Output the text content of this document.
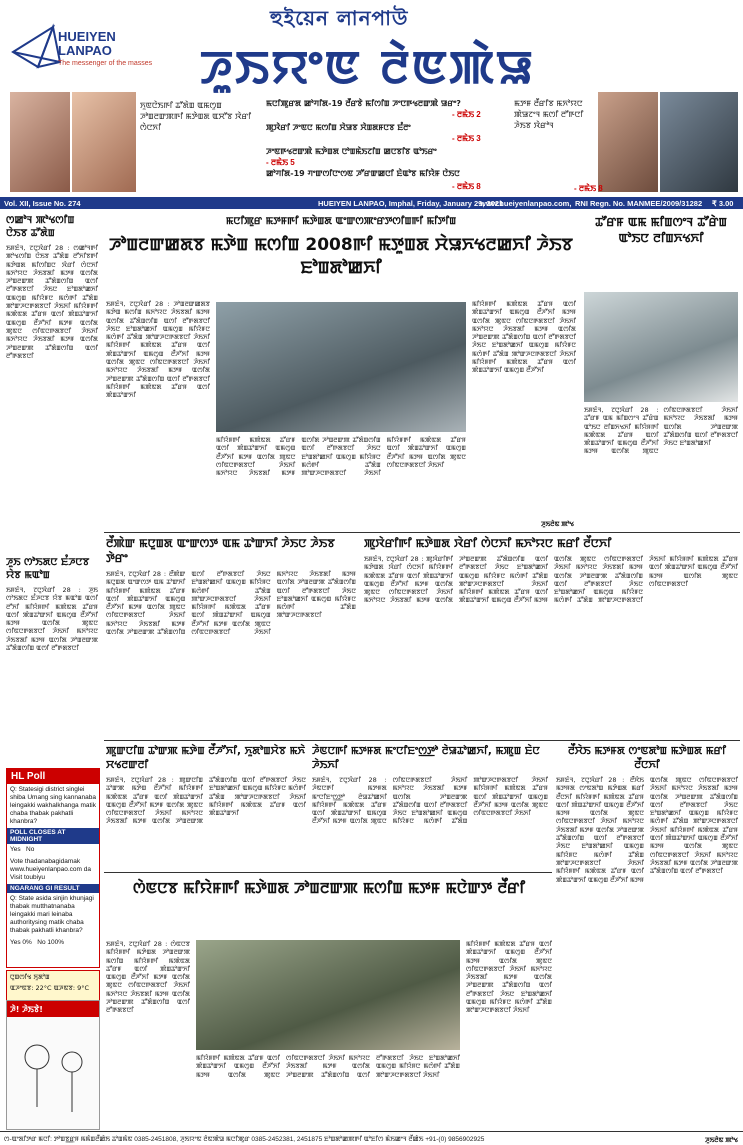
HUEIYEN
LANPAO
The messenger of the masses
হুইয়েন লানপাউ
ꯍꯨꯏꯌꯦꯟ ꯂꯥꯟꯄꯥꯎ
ꯈꯨꯟꯅꯥꯏꯒꯤ ꯊꯧꯗꯥꯡ ꯑꯃꯁꯨꯡ ꯍꯣꯡꯂꯛꯄꯒꯤ ꯃꯇꯥꯡꯗ ꯑꯆꯧꯕ ꯋꯥꯔꯤ ꯁꯥꯅꯈꯤ
ꯃꯅꯤꯄꯨꯔꯗ ꯀꯣꯚꯤꯗ-19 ꯂꯩꯔꯕꯥ ꯃꯤꯁꯤꯡ ꯍꯦꯅꯒꯠꯂꯛꯄꯥ ꯎꯔꯦ?
- ꯂꯃꯥꯏ 2
ꯄꯨꯋꯥꯔꯤ ꯍꯦꯟꯅ ꯃꯁꯤꯡ ꯆꯥꯎꯕ ꯆꯥꯡꯗꯝꯅꯕ ꯐꯪꯂꯦ
- ꯂꯃꯥꯏ 3
ꯍꯦꯟꯒꯠꯂꯛꯄꯥ ꯃꯇꯥꯡꯗ ꯅꯣꯡꯃꯥꯏꯖꯤꯡ ꯀꯅꯕꯤꯕ ꯑꯣꯏꯔꯦ
- ꯂꯃꯥꯏ 5
ꯀꯣꯚꯤꯗ-19 ꯚꯦꯛꯁꯤꯅꯦꯁꯟ ꯍꯧꯔꯛꯀꯅꯤ ꯐꯥꯑꯣꯕ ꯃꯤꯌꯥꯝ ꯅꯥꯏꯅ
- ꯂꯃꯥꯏ 8
ꯃꯇꯝ ꯂꯩꯔꯤꯕ ꯃꯈꯣꯌꯅ ꯄꯥꯎꯖꯦꯜ ꯃꯁꯤ ꯂꯧꯒꯅꯤ ꯍꯥꯏꯕ ꯋꯥꯔꯣꯜ
- ꯂꯃꯥꯏ 8
Vol. XII, Issue No. 274	HUEIYEN LANPAO, Imphal, Friday, January 29, 2021
www.hueiyenlanpao.com, RNI Regn. No. MANMEE/2009/31282 ₹ 3.00
ꯁꯀꯣꯜ ꯄꯣꯠꯁꯤꯡ ꯅꯥꯏꯕ ꯊꯧꯗꯥꯡ
ꯏꯝꯐꯥꯜ, ꯖꯅꯨꯋꯥꯔꯤ 28 : ꯁꯀꯣꯜꯒꯤ ꯄꯣꯠꯁꯤꯡ ꯅꯥꯏꯕ ꯊꯧꯗꯥꯡ ꯂꯧꯈꯤꯕꯒꯤ ꯃꯇꯥꯡꯗ ꯃꯤꯁꯤꯡꯅ ꯋꯥꯔꯤ ꯁꯥꯅꯈꯤ ꯃꯈꯣꯌꯅ ꯍꯥꯏꯕꯗꯤ ꯃꯇꯝ ꯑꯁꯤꯗ ꯍꯣꯡꯂꯛꯄ ꯊꯧꯗꯥꯡꯁꯤꯡ ꯑꯁꯤ ꯂꯧꯒꯗꯕꯅꯤ ꯍꯥꯏꯅ ꯐꯣꯡꯗꯣꯀꯈꯤ ꯑꯃꯁꯨꯡ ꯃꯤꯌꯥꯝꯅ ꯃꯁꯥꯒꯤ ꯊꯧꯗꯥꯡ ꯄꯣꯛꯍꯅꯒꯗꯕꯅꯤ ꯍꯥꯏꯈꯤ ꯃꯤꯌꯥꯝꯒꯤ ꯃꯄꯥꯟꯗ ꯊꯧꯔꯝ ꯑꯁꯤ ꯄꯥꯡꯊꯣꯛꯈꯤ ꯑꯃꯁꯨꯡ ꯂꯩꯍꯧꯈꯤ ꯃꯇꯝ ꯑꯁꯤꯗ ꯄꯨꯟꯅ ꯁꯤꯟꯅꯒꯗꯕꯅꯤ ꯍꯥꯏꯈꯤ ꯃꯈꯣꯌꯅ ꯍꯥꯏꯕꯗꯤ ꯃꯇꯝ ꯑꯁꯤꯗ ꯍꯣꯡꯂꯛꯄ ꯊꯧꯗꯥꯡꯁꯤꯡ ꯑꯁꯤ ꯂꯧꯒꯗꯕꯅꯤ
ꯍꯨꯏ ꯁꯣꯏꯗꯅ ꯐꯪꯍꯅꯕ ꯌꯥꯕ ꯃꯑꯣꯡ
ꯏꯝꯐꯥꯜ, ꯖꯅꯨꯋꯥꯔꯤ 28 : ꯍꯨꯏ ꯁꯣꯏꯗꯅ ꯐꯪꯍꯅꯕ ꯌꯥꯕ ꯃꯑꯣꯡ ꯑꯁꯤ ꯂꯧꯈꯤ ꯃꯤꯌꯥꯝꯒꯤ ꯃꯄꯥꯟꯗ ꯊꯧꯔꯝ ꯑꯁꯤ ꯄꯥꯡꯊꯣꯛꯈꯤ ꯑꯃꯁꯨꯡ ꯂꯩꯍꯧꯈꯤ ꯃꯇꯝ ꯑꯁꯤꯗ ꯄꯨꯟꯅ ꯁꯤꯟꯅꯒꯗꯕꯅꯤ ꯍꯥꯏꯈꯤ ꯃꯈꯣꯌꯅ ꯍꯥꯏꯕꯗꯤ ꯃꯇꯝ ꯑꯁꯤꯗ ꯍꯣꯡꯂꯛꯄ ꯊꯧꯗꯥꯡꯁꯤꯡ ꯑꯁꯤ ꯂꯧꯒꯗꯕꯅꯤ
HL Poll
Q: Statesigi district singlei shiba Umang sing kannanaba leingakki wakhalkhanga matik chaba thabak pakhatli khanbra?
POLL CLOSES AT MIDNIGHT
Yes No
Vote thadanabagidamak www.hueiyenlanpao.com da Visit toubiyu
NGARANG GI RESULT
Q: State asida sinjin khunjagi thabak mutthatnanaba leingakki mari leinaba authoritysing matik chaba thabak pakhatli khanbra?
Yes 0% No 100%
ꯅꯨꯡꯁꯤꯠ ꯈꯨꯗꯣꯡ
ꯑꯍꯦꯟꯕ: 22°C ꯑꯍꯟꯕ: 9°C
ꯍꯥ! ꯍꯥꯏꯕꯥ!
ꯃꯅꯤꯄꯨꯔ ꯃꯇꯝꯒꯤ ꯃꯇꯥꯡꯗ ꯑꯦꯛꯁꯄꯦꯔꯇꯁꯤꯡꯒꯤ ꯃꯤꯇꯤꯡ
ꯍꯣꯡꯂꯛꯀꯗꯕ ꯃꯇꯥꯡ ꯃꯁꯤꯡ 2008ꯒꯤ ꯃꯇꯨꯡꯗ ꯆꯥꯎꯈꯠꯂꯀꯈꯤ ꯍꯥꯏꯕ ꯐꯣꯡꯗꯣꯀꯈꯤ
ꯏꯝꯐꯥꯜ, ꯖꯅꯨꯋꯥꯔꯤ 28 : ꯍꯣꯡꯂꯛꯀꯗꯕ ꯃꯇꯥꯡ ꯃꯁꯤꯡ ꯃꯈꯣꯌꯅ ꯍꯥꯏꯕꯗꯤ ꯃꯇꯝ ꯑꯁꯤꯗ ꯊꯧꯗꯥꯡꯁꯤꯡ ꯑꯁꯤ ꯂꯧꯒꯗꯕꯅꯤ ꯍꯥꯏꯅ ꯐꯣꯡꯗꯣꯀꯈꯤ ꯑꯃꯁꯨꯡ ꯃꯤꯌꯥꯝꯅ ꯃꯁꯥꯒꯤ ꯊꯧꯗꯥꯡ ꯄꯣꯛꯍꯅꯒꯗꯕꯅꯤ ꯍꯥꯏꯈꯤ ꯃꯤꯌꯥꯝꯒꯤ ꯃꯄꯥꯟꯗ ꯊꯧꯔꯝ ꯑꯁꯤ ꯄꯥꯡꯊꯣꯛꯈꯤ ꯑꯃꯁꯨꯡ ꯂꯩꯍꯧꯈꯤ ꯃꯇꯝ ꯑꯁꯤꯗ ꯄꯨꯟꯅ ꯁꯤꯟꯅꯒꯗꯕꯅꯤ ꯍꯥꯏꯈꯤ ꯃꯈꯣꯌꯅ ꯍꯥꯏꯕꯗꯤ ꯃꯇꯝ ꯑꯁꯤꯗ ꯍꯣꯡꯂꯛꯄ ꯊꯧꯗꯥꯡꯁꯤꯡ ꯑꯁꯤ ꯂꯧꯒꯗꯕꯅꯤ ꯃꯤꯌꯥꯝꯒꯤ ꯃꯄꯥꯟꯗ ꯊꯧꯔꯝ ꯑꯁꯤ ꯄꯥꯡꯊꯣꯛꯈꯤ
ꯃꯤꯌꯥꯝꯒꯤ ꯃꯄꯥꯟꯗ ꯊꯧꯔꯝ ꯑꯁꯤ ꯄꯥꯡꯊꯣꯛꯈꯤ ꯑꯃꯁꯨꯡ ꯂꯩꯍꯧꯈꯤ ꯃꯇꯝ ꯑꯁꯤꯗ ꯄꯨꯟꯅ ꯁꯤꯟꯅꯒꯗꯕꯅꯤ ꯍꯥꯏꯈꯤ ꯃꯈꯣꯌꯅ ꯍꯥꯏꯕꯗꯤ ꯃꯇꯝ ꯑꯁꯤꯗ ꯍꯣꯡꯂꯛꯄ ꯊꯧꯗꯥꯡꯁꯤꯡ ꯑꯁꯤ ꯂꯧꯒꯗꯕꯅꯤ ꯍꯥꯏꯅ ꯐꯣꯡꯗꯣꯀꯈꯤ ꯑꯃꯁꯨꯡ ꯃꯤꯌꯥꯝꯅ ꯃꯁꯥꯒꯤ ꯊꯧꯗꯥꯡ ꯄꯣꯛꯍꯅꯒꯗꯕꯅꯤ ꯍꯥꯏꯈꯤ ꯃꯤꯌꯥꯝꯒꯤ ꯃꯄꯥꯟꯗ ꯊꯧꯔꯝ ꯑꯁꯤ ꯄꯥꯡꯊꯣꯛꯈꯤ ꯑꯃꯁꯨꯡ ꯂꯩꯍꯧꯈꯤ
ꯃꯤꯌꯥꯝꯒꯤ ꯃꯄꯥꯟꯗ ꯊꯧꯔꯝ ꯑꯁꯤ ꯄꯥꯡꯊꯣꯛꯈꯤ ꯑꯃꯁꯨꯡ ꯂꯩꯍꯧꯈꯤ ꯃꯇꯝ ꯑꯁꯤꯗ ꯄꯨꯟꯅ ꯁꯤꯟꯅꯒꯗꯕꯅꯤ ꯍꯥꯏꯈꯤ ꯃꯈꯣꯌꯅ ꯍꯥꯏꯕꯗꯤ ꯃꯇꯝ ꯑꯁꯤꯗ ꯍꯣꯡꯂꯛꯄ ꯊꯧꯗꯥꯡꯁꯤꯡ ꯑꯁꯤ ꯂꯧꯒꯗꯕꯅꯤ ꯍꯥꯏꯅ ꯐꯣꯡꯗꯣꯀꯈꯤ ꯑꯃꯁꯨꯡ ꯃꯤꯌꯥꯝꯅ ꯃꯁꯥꯒꯤ ꯊꯧꯗꯥꯡ ꯄꯣꯛꯍꯅꯒꯗꯕꯅꯤ ꯍꯥꯏꯈꯤ ꯃꯤꯌꯥꯝꯒꯤ ꯃꯄꯥꯟꯗ ꯊꯧꯔꯝ ꯑꯁꯤ ꯄꯥꯡꯊꯣꯛꯈꯤ ꯑꯃꯁꯨꯡ ꯂꯩꯍꯧꯈꯤ ꯃꯇꯝ ꯑꯁꯤꯗ ꯄꯨꯟꯅ ꯁꯤꯟꯅꯒꯗꯕꯅꯤ ꯍꯥꯏꯈꯤ
ꯍꯨꯏꯂꯥꯟ ꯄꯣꯠ
ꯊꯧꯔꯝ ꯑꯃ ꯃꯤꯡꯁꯦꯜ ꯊꯧꯔꯥꯡ ꯑꯣꯏꯅ ꯂꯤꯡꯈꯠꯈꯤ
ꯏꯝꯐꯥꯜ, ꯖꯅꯨꯋꯥꯔꯤ 28 : ꯊꯧꯔꯝ ꯑꯃ ꯃꯤꯡꯁꯦꯜ ꯊꯧꯔꯥꯡ ꯑꯣꯏꯅ ꯂꯤꯡꯈꯠꯈꯤ ꯃꯤꯌꯥꯝꯒꯤ ꯃꯄꯥꯟꯗ ꯊꯧꯔꯝ ꯑꯁꯤ ꯄꯥꯡꯊꯣꯛꯈꯤ ꯑꯃꯁꯨꯡ ꯂꯩꯍꯧꯈꯤ ꯃꯇꯝ ꯑꯁꯤꯗ ꯄꯨꯟꯅ ꯁꯤꯟꯅꯒꯗꯕꯅꯤ ꯍꯥꯏꯈꯤ ꯃꯈꯣꯌꯅ ꯍꯥꯏꯕꯗꯤ ꯃꯇꯝ ꯑꯁꯤꯗ ꯍꯣꯡꯂꯛꯄ ꯊꯧꯗꯥꯡꯁꯤꯡ ꯑꯁꯤ ꯂꯧꯒꯗꯕꯅꯤ ꯍꯥꯏꯅ ꯐꯣꯡꯗꯣꯀꯈꯤ
ꯂꯩꯄꯥꯛ ꯃꯅꯨꯡꯗ ꯑꯦꯛꯁꯇ ꯑꯃ ꯊꯣꯛꯈꯤ ꯍꯥꯏꯅ ꯍꯥꯏꯕ ꯇꯥꯔꯦ
ꯏꯝꯐꯥꯜ, ꯖꯅꯨꯋꯥꯔꯤ 28 : ꯂꯩꯄꯥꯛ ꯃꯅꯨꯡꯗ ꯑꯦꯛꯁꯇ ꯑꯃ ꯊꯣꯛꯈꯤ ꯃꯤꯌꯥꯝꯒꯤ ꯃꯄꯥꯟꯗ ꯊꯧꯔꯝ ꯑꯁꯤ ꯄꯥꯡꯊꯣꯛꯈꯤ ꯑꯃꯁꯨꯡ ꯂꯩꯍꯧꯈꯤ ꯃꯇꯝ ꯑꯁꯤꯗ ꯄꯨꯟꯅ ꯁꯤꯟꯅꯒꯗꯕꯅꯤ ꯍꯥꯏꯈꯤ ꯃꯈꯣꯌꯅ ꯍꯥꯏꯕꯗꯤ ꯃꯇꯝ ꯑꯁꯤꯗ ꯍꯣꯡꯂꯛꯄ ꯊꯧꯗꯥꯡꯁꯤꯡ ꯑꯁꯤ ꯂꯧꯒꯗꯕꯅꯤ ꯍꯥꯏꯅ ꯐꯣꯡꯗꯣꯀꯈꯤ ꯑꯃꯁꯨꯡ ꯃꯤꯌꯥꯝꯅ ꯃꯁꯥꯒꯤ ꯊꯧꯗꯥꯡ ꯄꯣꯛꯍꯅꯒꯗꯕꯅꯤ ꯍꯥꯏꯈꯤ ꯃꯤꯌꯥꯝꯒꯤ ꯃꯄꯥꯟꯗ ꯊꯧꯔꯝ ꯑꯁꯤ ꯄꯥꯡꯊꯣꯛꯈꯤ ꯑꯃꯁꯨꯡ ꯂꯩꯍꯧꯈꯤ ꯃꯇꯝ ꯑꯁꯤꯗ ꯄꯨꯟꯅ ꯁꯤꯟꯅꯒꯗꯕꯅꯤ ꯍꯥꯏꯈꯤ ꯃꯈꯣꯌꯅ ꯍꯥꯏꯕꯗꯤ ꯃꯇꯝ ꯑꯁꯤꯗ ꯍꯣꯡꯂꯛꯄ ꯊꯧꯗꯥꯡꯁꯤꯡ ꯑꯁꯤ ꯂꯧꯒꯗꯕꯅꯤ ꯍꯥꯏꯅ ꯐꯣꯡꯗꯣꯀꯈꯤ ꯑꯃꯁꯨꯡ ꯃꯤꯌꯥꯝꯅ ꯃꯁꯥꯒꯤ ꯊꯧꯗꯥꯡ ꯄꯣꯛꯍꯅꯒꯗꯕꯅꯤ
ꯄꯨꯋꯥꯔꯤꯒꯤ ꯃꯇꯥꯡꯗ ꯋꯥꯔꯤ ꯁꯥꯅꯈꯤ ꯃꯈꯣꯌꯅ ꯃꯔꯤ ꯂꯩꯅꯈꯤ
ꯏꯝꯐꯥꯜ, ꯖꯅꯨꯋꯥꯔꯤ 28 : ꯄꯨꯋꯥꯔꯤꯒꯤ ꯃꯇꯥꯡꯗ ꯋꯥꯔꯤ ꯁꯥꯅꯈꯤ ꯃꯤꯌꯥꯝꯒꯤ ꯃꯄꯥꯟꯗ ꯊꯧꯔꯝ ꯑꯁꯤ ꯄꯥꯡꯊꯣꯛꯈꯤ ꯑꯃꯁꯨꯡ ꯂꯩꯍꯧꯈꯤ ꯃꯇꯝ ꯑꯁꯤꯗ ꯄꯨꯟꯅ ꯁꯤꯟꯅꯒꯗꯕꯅꯤ ꯍꯥꯏꯈꯤ ꯃꯈꯣꯌꯅ ꯍꯥꯏꯕꯗꯤ ꯃꯇꯝ ꯑꯁꯤꯗ ꯍꯣꯡꯂꯛꯄ ꯊꯧꯗꯥꯡꯁꯤꯡ ꯑꯁꯤ ꯂꯧꯒꯗꯕꯅꯤ ꯍꯥꯏꯅ ꯐꯣꯡꯗꯣꯀꯈꯤ ꯑꯃꯁꯨꯡ ꯃꯤꯌꯥꯝꯅ ꯃꯁꯥꯒꯤ ꯊꯧꯗꯥꯡ ꯄꯣꯛꯍꯅꯒꯗꯕꯅꯤ ꯍꯥꯏꯈꯤ ꯃꯤꯌꯥꯝꯒꯤ ꯃꯄꯥꯟꯗ ꯊꯧꯔꯝ ꯑꯁꯤ ꯄꯥꯡꯊꯣꯛꯈꯤ ꯑꯃꯁꯨꯡ ꯂꯩꯍꯧꯈꯤ ꯃꯇꯝ ꯑꯁꯤꯗ ꯄꯨꯟꯅ ꯁꯤꯟꯅꯒꯗꯕꯅꯤ ꯍꯥꯏꯈꯤ ꯃꯈꯣꯌꯅ ꯍꯥꯏꯕꯗꯤ ꯃꯇꯝ ꯑꯁꯤꯗ ꯍꯣꯡꯂꯛꯄ ꯊꯧꯗꯥꯡꯁꯤꯡ ꯑꯁꯤ ꯂꯧꯒꯗꯕꯅꯤ ꯍꯥꯏꯅ ꯐꯣꯡꯗꯣꯀꯈꯤ ꯑꯃꯁꯨꯡ ꯃꯤꯌꯥꯝꯅ ꯃꯁꯥꯒꯤ ꯊꯧꯗꯥꯡ ꯄꯣꯛꯍꯅꯒꯗꯕꯅꯤ ꯍꯥꯏꯈꯤ ꯃꯤꯌꯥꯝꯒꯤ ꯃꯄꯥꯟꯗ ꯊꯧꯔꯝ ꯑꯁꯤ ꯄꯥꯡꯊꯣꯛꯈꯤ ꯑꯃꯁꯨꯡ ꯂꯩꯍꯧꯈꯤ ꯃꯇꯝ ꯑꯁꯤꯗ ꯄꯨꯟꯅ ꯁꯤꯟꯅꯒꯗꯕꯅꯤ
ꯄꯨꯛꯅꯤꯡ ꯊꯣꯛꯄ ꯃꯇꯥꯡ ꯂꯩꯍꯧꯈꯤ, ꯈꯨꯗꯣꯡꯆꯥꯕ ꯃꯈꯥ ꯆꯠꯂꯛꯂꯤ
ꯏꯝꯐꯥꯜ, ꯖꯅꯨꯋꯥꯔꯤ 28 : ꯄꯨꯛꯅꯤꯡ ꯊꯣꯛꯄ ꯃꯇꯥꯡ ꯂꯩꯍꯧꯈꯤ ꯃꯤꯌꯥꯝꯒꯤ ꯃꯄꯥꯟꯗ ꯊꯧꯔꯝ ꯑꯁꯤ ꯄꯥꯡꯊꯣꯛꯈꯤ ꯑꯃꯁꯨꯡ ꯂꯩꯍꯧꯈꯤ ꯃꯇꯝ ꯑꯁꯤꯗ ꯄꯨꯟꯅ ꯁꯤꯟꯅꯒꯗꯕꯅꯤ ꯍꯥꯏꯈꯤ ꯃꯈꯣꯌꯅ ꯍꯥꯏꯕꯗꯤ ꯃꯇꯝ ꯑꯁꯤꯗ ꯍꯣꯡꯂꯛꯄ ꯊꯧꯗꯥꯡꯁꯤꯡ ꯑꯁꯤ ꯂꯧꯒꯗꯕꯅꯤ ꯍꯥꯏꯅ ꯐꯣꯡꯗꯣꯀꯈꯤ ꯑꯃꯁꯨꯡ ꯃꯤꯌꯥꯝꯅ ꯃꯁꯥꯒꯤ ꯊꯧꯗꯥꯡ ꯄꯣꯛꯍꯅꯒꯗꯕꯅꯤ ꯍꯥꯏꯈꯤ ꯃꯤꯌꯥꯝꯒꯤ ꯃꯄꯥꯟꯗ ꯊꯧꯔꯝ ꯑꯁꯤ ꯄꯥꯡꯊꯣꯛꯈꯤ
ꯍꯥꯟꯅꯒꯤ ꯃꯇꯝꯗ ꯃꯦꯅꯤꯐꯦꯁ꯭ꯇꯣ ꯂꯥꯎꯊꯣꯀꯈꯤ, ꯃꯄꯨꯡ ꯐꯥꯅ ꯍꯥꯏꯈꯤ
ꯏꯝꯐꯥꯜ, ꯖꯅꯨꯋꯥꯔꯤ 28 : ꯍꯥꯟꯅꯒꯤ ꯃꯇꯝꯗ ꯃꯦꯅꯤꯐꯦꯁ꯭ꯇꯣ ꯂꯥꯎꯊꯣꯀꯈꯤ ꯃꯤꯌꯥꯝꯒꯤ ꯃꯄꯥꯟꯗ ꯊꯧꯔꯝ ꯑꯁꯤ ꯄꯥꯡꯊꯣꯛꯈꯤ ꯑꯃꯁꯨꯡ ꯂꯩꯍꯧꯈꯤ ꯃꯇꯝ ꯑꯁꯤꯗ ꯄꯨꯟꯅ ꯁꯤꯟꯅꯒꯗꯕꯅꯤ ꯍꯥꯏꯈꯤ ꯃꯈꯣꯌꯅ ꯍꯥꯏꯕꯗꯤ ꯃꯇꯝ ꯑꯁꯤꯗ ꯍꯣꯡꯂꯛꯄ ꯊꯧꯗꯥꯡꯁꯤꯡ ꯑꯁꯤ ꯂꯧꯒꯗꯕꯅꯤ ꯍꯥꯏꯅ ꯐꯣꯡꯗꯣꯀꯈꯤ ꯑꯃꯁꯨꯡ ꯃꯤꯌꯥꯝꯅ ꯃꯁꯥꯒꯤ ꯊꯧꯗꯥꯡ ꯄꯣꯛꯍꯅꯒꯗꯕꯅꯤ ꯍꯥꯏꯈꯤ ꯃꯤꯌꯥꯝꯒꯤ ꯃꯄꯥꯟꯗ ꯊꯧꯔꯝ ꯑꯁꯤ ꯄꯥꯡꯊꯣꯛꯈꯤ ꯑꯃꯁꯨꯡ ꯂꯩꯍꯧꯈꯤ ꯃꯇꯝ ꯑꯁꯤꯗ ꯄꯨꯟꯅ ꯁꯤꯟꯅꯒꯗꯕꯅꯤ ꯍꯥꯏꯈꯤ
ꯂꯩꯆꯥꯏ ꯃꯇꯝꯗ ꯁꯦꯟꯗꯣꯡ ꯃꯇꯥꯡꯗ ꯃꯔꯤ ꯂꯩꯅꯈꯤ
ꯏꯝꯐꯥꯜ, ꯖꯅꯨꯋꯥꯔꯤ 28 : ꯂꯩꯆꯥꯏ ꯃꯇꯝꯗ ꯁꯦꯟꯗꯣꯡ ꯃꯇꯥꯡꯗ ꯃꯔꯤ ꯂꯩꯅꯈꯤ ꯃꯤꯌꯥꯝꯒꯤ ꯃꯄꯥꯟꯗ ꯊꯧꯔꯝ ꯑꯁꯤ ꯄꯥꯡꯊꯣꯛꯈꯤ ꯑꯃꯁꯨꯡ ꯂꯩꯍꯧꯈꯤ ꯃꯇꯝ ꯑꯁꯤꯗ ꯄꯨꯟꯅ ꯁꯤꯟꯅꯒꯗꯕꯅꯤ ꯍꯥꯏꯈꯤ ꯃꯈꯣꯌꯅ ꯍꯥꯏꯕꯗꯤ ꯃꯇꯝ ꯑꯁꯤꯗ ꯍꯣꯡꯂꯛꯄ ꯊꯧꯗꯥꯡꯁꯤꯡ ꯑꯁꯤ ꯂꯧꯒꯗꯕꯅꯤ ꯍꯥꯏꯅ ꯐꯣꯡꯗꯣꯀꯈꯤ ꯑꯃꯁꯨꯡ ꯃꯤꯌꯥꯝꯅ ꯃꯁꯥꯒꯤ ꯊꯧꯗꯥꯡ ꯄꯣꯛꯍꯅꯒꯗꯕꯅꯤ ꯍꯥꯏꯈꯤ ꯃꯤꯌꯥꯝꯒꯤ ꯃꯄꯥꯟꯗ ꯊꯧꯔꯝ ꯑꯁꯤ ꯄꯥꯡꯊꯣꯛꯈꯤ ꯑꯃꯁꯨꯡ ꯂꯩꯍꯧꯈꯤ ꯃꯇꯝ ꯑꯁꯤꯗ ꯄꯨꯟꯅ ꯁꯤꯟꯅꯒꯗꯕꯅꯤ ꯍꯥꯏꯈꯤ ꯃꯈꯣꯌꯅ ꯍꯥꯏꯕꯗꯤ ꯃꯇꯝ ꯑꯁꯤꯗ ꯍꯣꯡꯂꯛꯄ ꯊꯧꯗꯥꯡꯁꯤꯡ ꯑꯁꯤ ꯂꯧꯒꯗꯕꯅꯤ ꯍꯥꯏꯅ ꯐꯣꯡꯗꯣꯀꯈꯤ ꯑꯃꯁꯨꯡ ꯃꯤꯌꯥꯝꯅ ꯃꯁꯥꯒꯤ ꯊꯧꯗꯥꯡ ꯄꯣꯛꯍꯅꯒꯗꯕꯅꯤ ꯍꯥꯏꯈꯤ ꯃꯤꯌꯥꯝꯒꯤ ꯃꯄꯥꯟꯗ ꯊꯧꯔꯝ ꯑꯁꯤ ꯄꯥꯡꯊꯣꯛꯈꯤ ꯑꯃꯁꯨꯡ ꯂꯩꯍꯧꯈꯤ ꯃꯇꯝ ꯑꯁꯤꯗ ꯄꯨꯟꯅ ꯁꯤꯟꯅꯒꯗꯕꯅꯤ ꯍꯥꯏꯈꯤ ꯃꯈꯣꯌꯅ ꯍꯥꯏꯕꯗꯤ ꯃꯇꯝ ꯑꯁꯤꯗ ꯍꯣꯡꯂꯛꯄ ꯊꯧꯗꯥꯡꯁꯤꯡ ꯑꯁꯤ ꯂꯧꯒꯗꯕꯅꯤ
ꯍꯨꯏꯂꯥꯟ ꯄꯣꯠ
ꯁꯥꯟꯅꯕ ꯃꯤꯌꯥꯝꯒꯤ ꯃꯇꯥꯡꯗ ꯍꯣꯡꯂꯛꯄ ꯃꯁꯤꯡ ꯃꯇꯝ ꯃꯅꯥꯛꯇ ꯂꯩꯔꯤ
ꯏꯝꯐꯥꯜ, ꯖꯅꯨꯋꯥꯔꯤ 28 : ꯁꯥꯟꯅꯕ ꯃꯤꯌꯥꯝꯒꯤ ꯃꯇꯥꯡꯗ ꯍꯣꯡꯂꯛꯄ ꯃꯁꯤꯡ ꯃꯤꯌꯥꯝꯒꯤ ꯃꯄꯥꯟꯗ ꯊꯧꯔꯝ ꯑꯁꯤ ꯄꯥꯡꯊꯣꯛꯈꯤ ꯑꯃꯁꯨꯡ ꯂꯩꯍꯧꯈꯤ ꯃꯇꯝ ꯑꯁꯤꯗ ꯄꯨꯟꯅ ꯁꯤꯟꯅꯒꯗꯕꯅꯤ ꯍꯥꯏꯈꯤ ꯃꯈꯣꯌꯅ ꯍꯥꯏꯕꯗꯤ ꯃꯇꯝ ꯑꯁꯤꯗ ꯍꯣꯡꯂꯛꯄ ꯊꯧꯗꯥꯡꯁꯤꯡ ꯑꯁꯤ ꯂꯧꯒꯗꯕꯅꯤ
ꯃꯤꯌꯥꯝꯒꯤ ꯃꯄꯥꯟꯗ ꯊꯧꯔꯝ ꯑꯁꯤ ꯄꯥꯡꯊꯣꯛꯈꯤ ꯑꯃꯁꯨꯡ ꯂꯩꯍꯧꯈꯤ ꯃꯇꯝ ꯑꯁꯤꯗ ꯄꯨꯟꯅ ꯁꯤꯟꯅꯒꯗꯕꯅꯤ ꯍꯥꯏꯈꯤ ꯃꯈꯣꯌꯅ ꯍꯥꯏꯕꯗꯤ ꯃꯇꯝ ꯑꯁꯤꯗ ꯍꯣꯡꯂꯛꯄ ꯊꯧꯗꯥꯡꯁꯤꯡ ꯑꯁꯤ ꯂꯧꯒꯗꯕꯅꯤ ꯍꯥꯏꯅ ꯐꯣꯡꯗꯣꯀꯈꯤ ꯑꯃꯁꯨꯡ ꯃꯤꯌꯥꯝꯅ ꯃꯁꯥꯒꯤ ꯊꯧꯗꯥꯡ ꯄꯣꯛꯍꯅꯒꯗꯕꯅꯤ ꯍꯥꯏꯈꯤ
ꯃꯤꯌꯥꯝꯒꯤ ꯃꯄꯥꯟꯗ ꯊꯧꯔꯝ ꯑꯁꯤ ꯄꯥꯡꯊꯣꯛꯈꯤ ꯑꯃꯁꯨꯡ ꯂꯩꯍꯧꯈꯤ ꯃꯇꯝ ꯑꯁꯤꯗ ꯄꯨꯟꯅ ꯁꯤꯟꯅꯒꯗꯕꯅꯤ ꯍꯥꯏꯈꯤ ꯃꯈꯣꯌꯅ ꯍꯥꯏꯕꯗꯤ ꯃꯇꯝ ꯑꯁꯤꯗ ꯍꯣꯡꯂꯛꯄ ꯊꯧꯗꯥꯡꯁꯤꯡ ꯑꯁꯤ ꯂꯧꯒꯗꯕꯅꯤ ꯍꯥꯏꯅ ꯐꯣꯡꯗꯣꯀꯈꯤ ꯑꯃꯁꯨꯡ ꯃꯤꯌꯥꯝꯅ ꯃꯁꯥꯒꯤ ꯊꯧꯗꯥꯡ ꯄꯣꯛꯍꯅꯒꯗꯕꯅꯤ ꯍꯥꯏꯈꯤ
ꯁ-ꯑꯦꯗꯤꯇꯔ ꯃꯅꯤ: ꯇꯣꯡꯕ꯭ꯔꯝ ꯃꯃꯥꯡꯂꯩꯀꯥꯏ ꯊꯣꯡꯃꯥꯟ 0385-2451808, ꯍꯨꯏꯌꯦꯟ ꯂꯥꯟꯄꯥꯎ ꯃꯅꯤꯄꯨꯔ 0385-2452381, 2451875 ꯐꯣꯡꯗꯣꯀꯄꯒꯤ ꯑꯣꯐꯤꯁ ꯃꯥꯏꯀꯦꯜ ꯂꯩꯀꯥꯏ +91-(0) 9856902925
